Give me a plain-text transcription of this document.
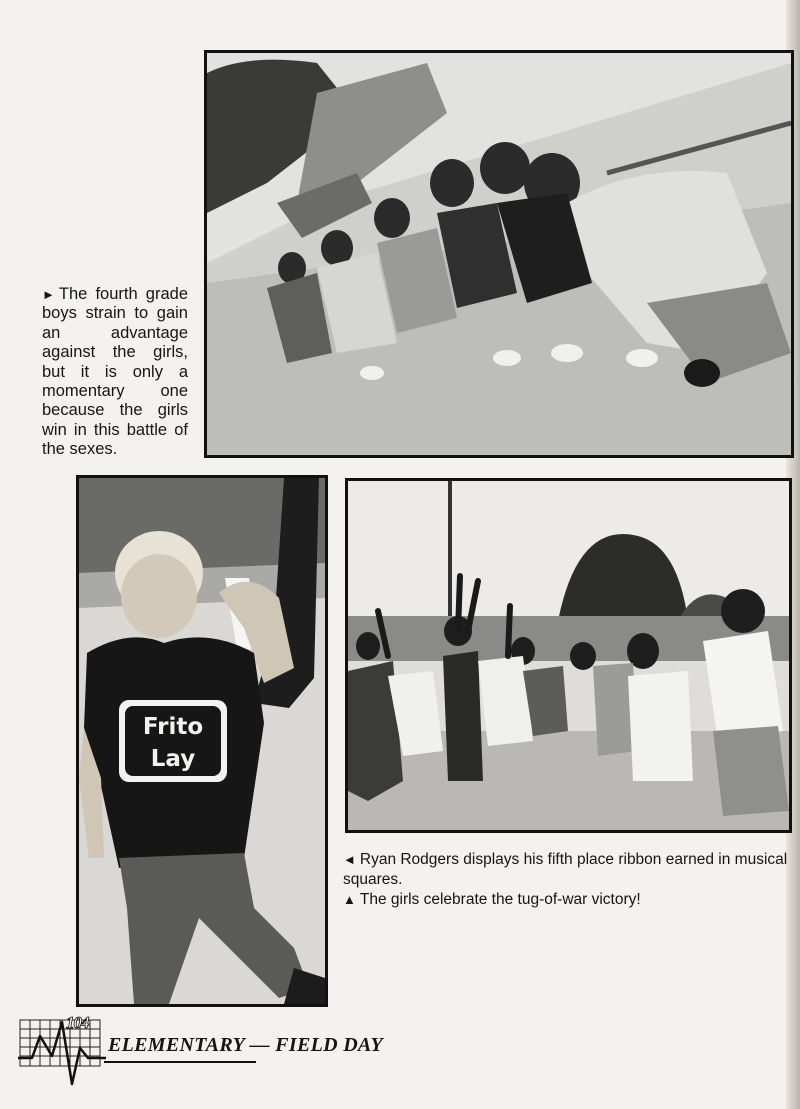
► The fourth grade boys strain to gain an advantage against the girls, but it is only a momentary one because the girls win in this battle of the sexes.
Frito
Lay

◄ Ryan Rodgers displays his fifth place ribbon earned in musical squares.

▲ The girls celebrate the tug-of-war victory!

104
ELEMENTARY — FIELD DAY
